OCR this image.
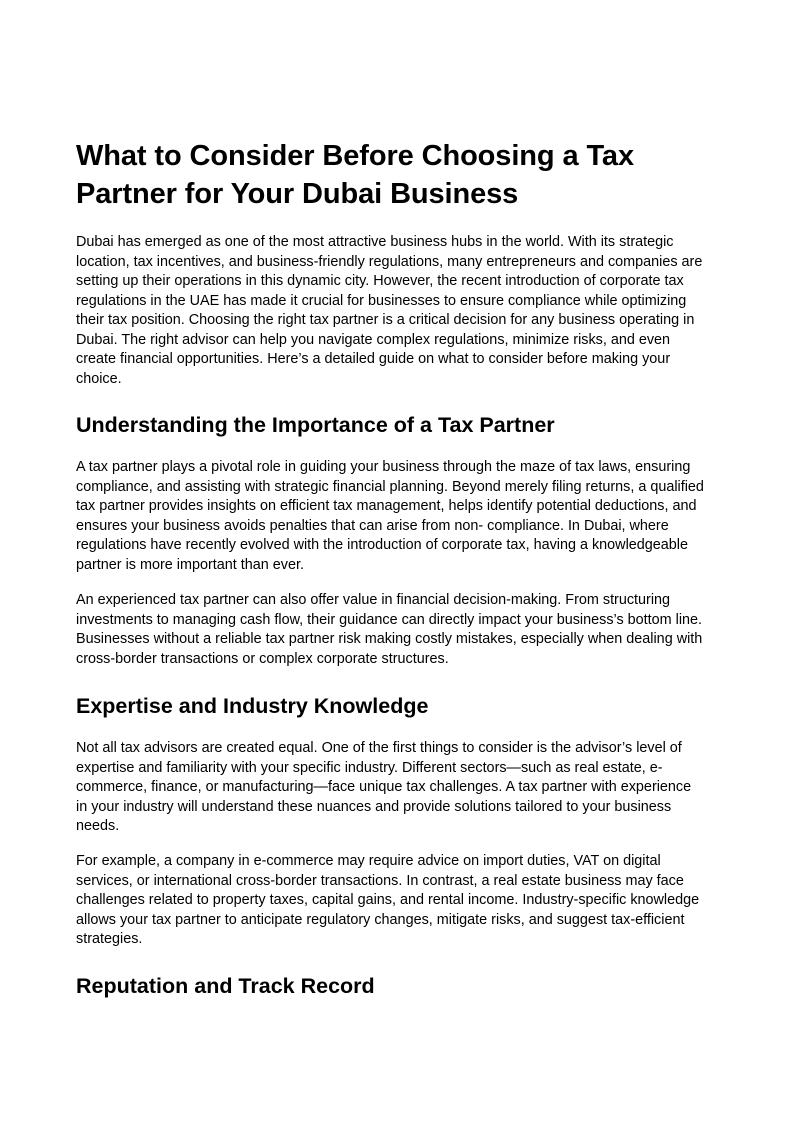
What to Consider Before Choosing a Tax Partner for Your Dubai Business

Dubai has emerged as one of the most attractive business hubs in the world. With its strategic location, tax incentives, and business-friendly regulations, many entrepreneurs and companies are setting up their operations in this dynamic city. However, the recent introduction of corporate tax regulations in the UAE has made it crucial for businesses to ensure compliance while optimizing their tax position. Choosing the right tax partner is a critical decision for any business operating in Dubai. The right advisor can help you navigate complex regulations, minimize risks, and even create financial opportunities. Here’s a detailed guide on what to consider before making your choice.

Understanding the Importance of a Tax Partner

A tax partner plays a pivotal role in guiding your business through the maze of tax laws, ensuring compliance, and assisting with strategic financial planning. Beyond merely filing returns, a qualified tax partner provides insights on efficient tax management, helps identify potential deductions, and ensures your business avoids penalties that can arise from non- compliance. In Dubai, where regulations have recently evolved with the introduction of corporate tax, having a knowledgeable partner is more important than ever.

An experienced tax partner can also offer value in financial decision-making. From structuring investments to managing cash flow, their guidance can directly impact your business’s bottom line. Businesses without a reliable tax partner risk making costly mistakes, especially when dealing with cross-border transactions or complex corporate structures.

Expertise and Industry Knowledge

Not all tax advisors are created equal. One of the first things to consider is the advisor’s level of expertise and familiarity with your specific industry. Different sectors—such as real estate, e-commerce, finance, or manufacturing—face unique tax challenges. A tax partner with experience in your industry will understand these nuances and provide solutions tailored to your business needs.

For example, a company in e-commerce may require advice on import duties, VAT on digital services, or international cross-border transactions. In contrast, a real estate business may face challenges related to property taxes, capital gains, and rental income. Industry-specific knowledge allows your tax partner to anticipate regulatory changes, mitigate risks, and suggest tax-efficient strategies.

Reputation and Track Record
